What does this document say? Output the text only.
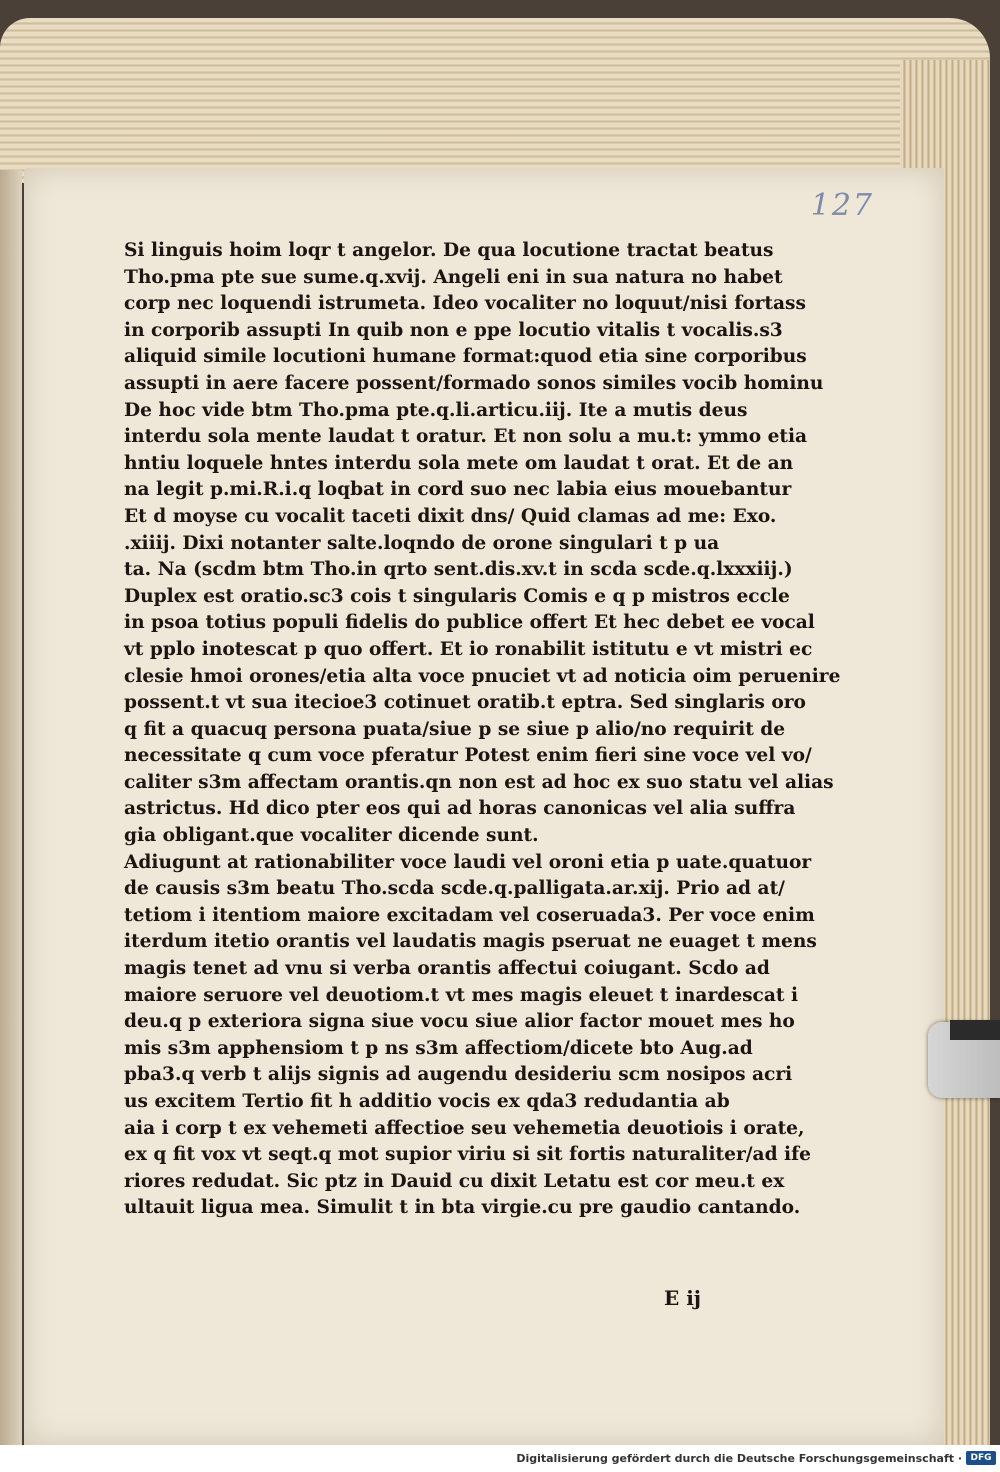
127
Si linguis hoim loqr t angelor. De qua locutione tractat beatus
Tho.pma pte sue sume.q.xvij. Angeli eni in sua natura no habet
corp nec loquendi istrumeta. Ideo vocaliter no loquut/nisi fortass
in corporib assupti In quib non e ppe locutio vitalis t vocalis.s3
aliquid simile locutioni humane format:quod etia sine corporibus
assupti in aere facere possent/formado sonos similes vocib hominu
De hoc vide btm Tho.pma pte.q.li.articu.iij. Ite a mutis deus
interdu sola mente laudat t oratur. Et non solu a mu.t: ymmo etia
hntiu loquele hntes interdu sola mete om laudat t orat. Et de an
na legit p.mi.R.i.q loqbat in cord suo nec labia eius mouebantur
Et d moyse cu vocalit taceti dixit dns/ Quid clamas ad me: Exo.
.xiiij. Dixi notanter salte.loqndo de orone singulari t p ua
ta. Na (scdm btm Tho.in qrto sent.dis.xv.t in scda scde.q.lxxxiij.)
Duplex est oratio.sc3 cois t singularis Comis e q p mistros eccle
in psoa totius populi fidelis do publice offert Et hec debet ee vocal
vt pplo inotescat p quo offert. Et io ronabilit istitutu e vt mistri ec
clesie hmoi orones/etia alta voce pnuciet vt ad noticia oim peruenire
possent.t vt sua itecioe3 cotinuet oratib.t eptra. Sed singlaris oro
q fit a quacuq persona puata/siue p se siue p alio/no requirit de
necessitate q cum voce pferatur Potest enim fieri sine voce vel vo/
caliter s3m affectam orantis.qn non est ad hoc ex suo statu vel alias
astrictus. Hd dico pter eos qui ad horas canonicas vel alia suffra
gia obligant.que vocaliter dicende sunt.
Adiugunt at rationabiliter voce laudi vel oroni etia p uate.quatuor
de causis s3m beatu Tho.scda scde.q.palligata.ar.xij. Prio ad at/
tetiom i itentiom maiore excitadam vel coseruada3. Per voce enim
iterdum itetio orantis vel laudatis magis pseruat ne euaget t mens
magis tenet ad vnu si verba orantis affectui coiugant. Scdo ad
maiore seruore vel deuotiom.t vt mes magis eleuet t inardescat i
deu.q p exteriora signa siue vocu siue alior factor mouet mes ho
mis s3m apphensiom t p ns s3m affectiom/dicete bto Aug.ad
pba3.q verb t alijs signis ad augendu desideriu scm nosipos acri
us excitem Tertio fit h additio vocis ex qda3 redudantia ab
aia i corp t ex vehemeti affectioe seu vehemetia deuotiois i orate,
ex q fit vox vt seqt.q mot supior viriu si sit fortis naturaliter/ad ife
riores redudat. Sic ptz in Dauid cu dixit Letatu est cor meu.t ex
ultauit ligua mea. Simulit t in bta virgie.cu pre gaudio cantando.
E ij
Digitalisierung gefördert durch die Deutsche Forschungsgemeinschaft · DFG
